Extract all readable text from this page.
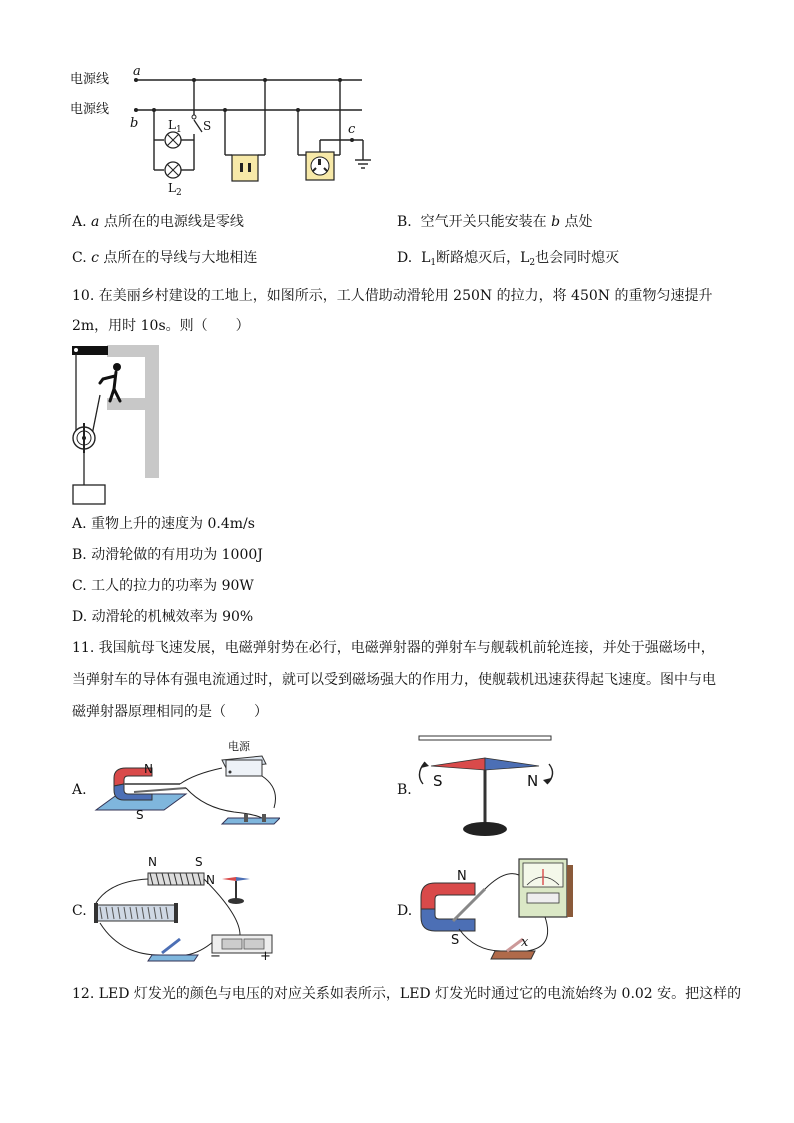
电源线
电源线
a
b	c
$L_1$
$L_2$
S
A. a 点所在的电源线是零线	B. 空气开关只能安装在 b 点处
C. c 点所在的导线与大地相连	D. $L_1$断路熄灭后，$L_2$也会同时熄灭
10. 在美丽乡村建设的工地上，如图所示，工人借助动滑轮用 250N 的拉力，将 450N 的重物匀速提升
2m，用时 10s。则（　　）
A. 重物上升的速度为 0.4m/s
B. 动滑轮做的有用功为 1000J
C. 工人的拉力的功率为 90W
D. 动滑轮的机械效率为 90%
11. 我国航母飞速发展，电磁弹射势在必行，电磁弹射器的弹射车与舰载机前轮连接，并处于强磁场中，
当弹射车的导体有强电流通过时，就可以受到磁场强大的作用力，使舰载机迅速获得起飞速度。图中与电
磁弹射器原理相同的是（　　）
A.
电源
N
S
B. S	N
C.
N	S
N
−	+
D.
N
S	x
12. LED 灯发光的颜色与电压的对应关系如表所示，LED 灯发光时通过它的电流始终为 0.02 安。把这样的
